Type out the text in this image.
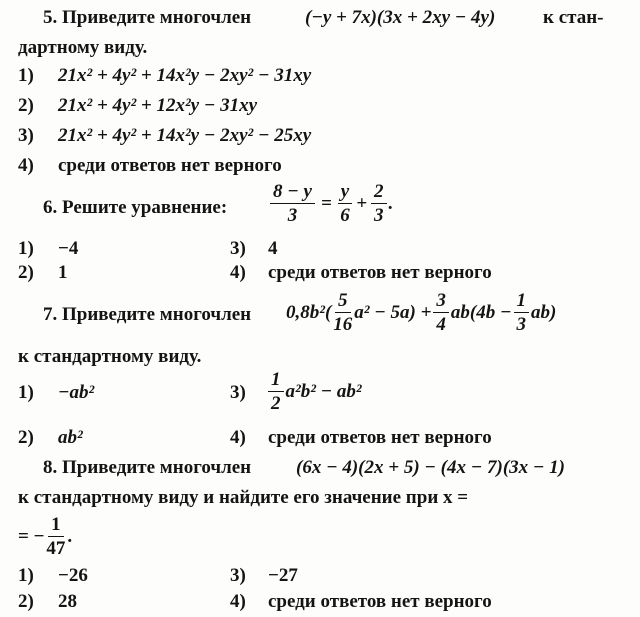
5. Приведите многочлен	(−y + 7x)(3x + 2xy − 4y)	к стан-
дартному виду.
1) 21x² + 4y² + 14x²y − 2xy² − 31xy
2) 21x² + 4y² + 12x²y − 31xy
3) 21x² + 4y² + 14x²y − 2xy² − 25xy
4) среди ответов нет верного
6. Решите уравнение: $\frac{8 - y}{3} = \frac{y}{6} + \frac{2}{3}$ .
1) −4	3) 4
2) 1	4) среди ответов нет верного
7. Приведите многочлен $0,8b^2( \frac{5}{16} a^2 - 5a) + \frac{3}{4} ab(4b - \frac{1}{3} ab)$
к стандартному виду.
1) −ab²	$3) \frac{1}{2} a^2b^2 - ab^2$
2) ab²	4) среди ответов нет верного
8. Приведите многочлен (6x − 4)(2x + 5) − (4x − 7)(3x − 1)
к стандартному виду и найдите его значение при x =
= − $\frac{1}{47}$ .
1) −26	3) −27
2) 28	4) среди ответов нет верного
